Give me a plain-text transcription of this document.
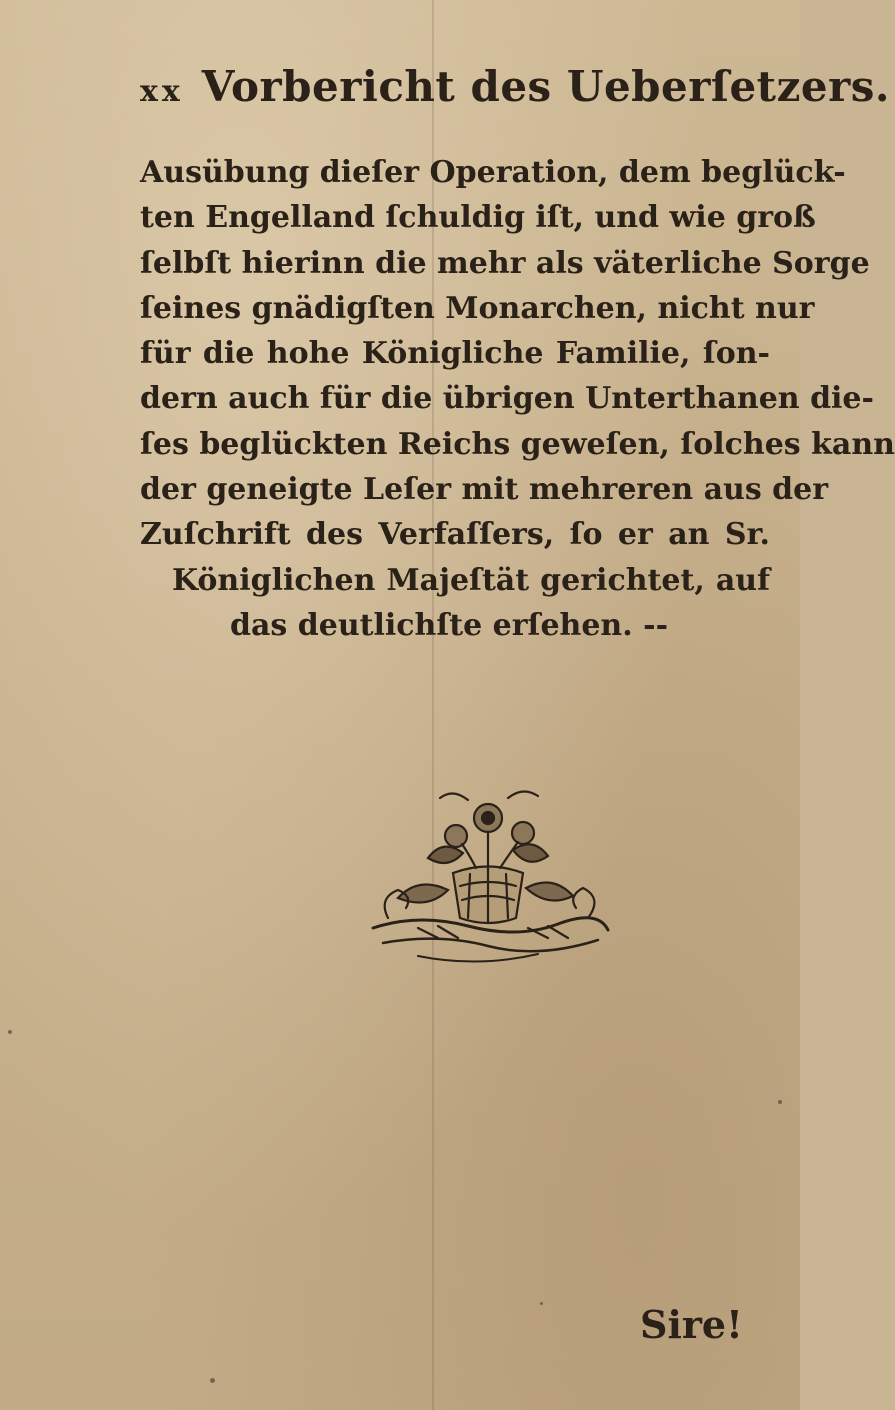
xx Vorbericht des Ueberſetzers.
Ausübung dieſer Operation, dem beglück-
ten Engelland ſchuldig iſt, und wie groß
ſelbſt hierinn die mehr als väterliche Sorge
ſeines gnädigſten Monarchen, nicht nur
für die hohe Königliche Familie, ſon-
dern auch für die übrigen Unterthanen die-
ſes beglückten Reichs geweſen, ſolches kann
der geneigte Leſer mit mehreren aus der
Zuſchrift des Verfaſſers, ſo er an Sr.
Königlichen Majeſtät gerichtet, auf
das deutlichſte erſehen. --
Sire!
